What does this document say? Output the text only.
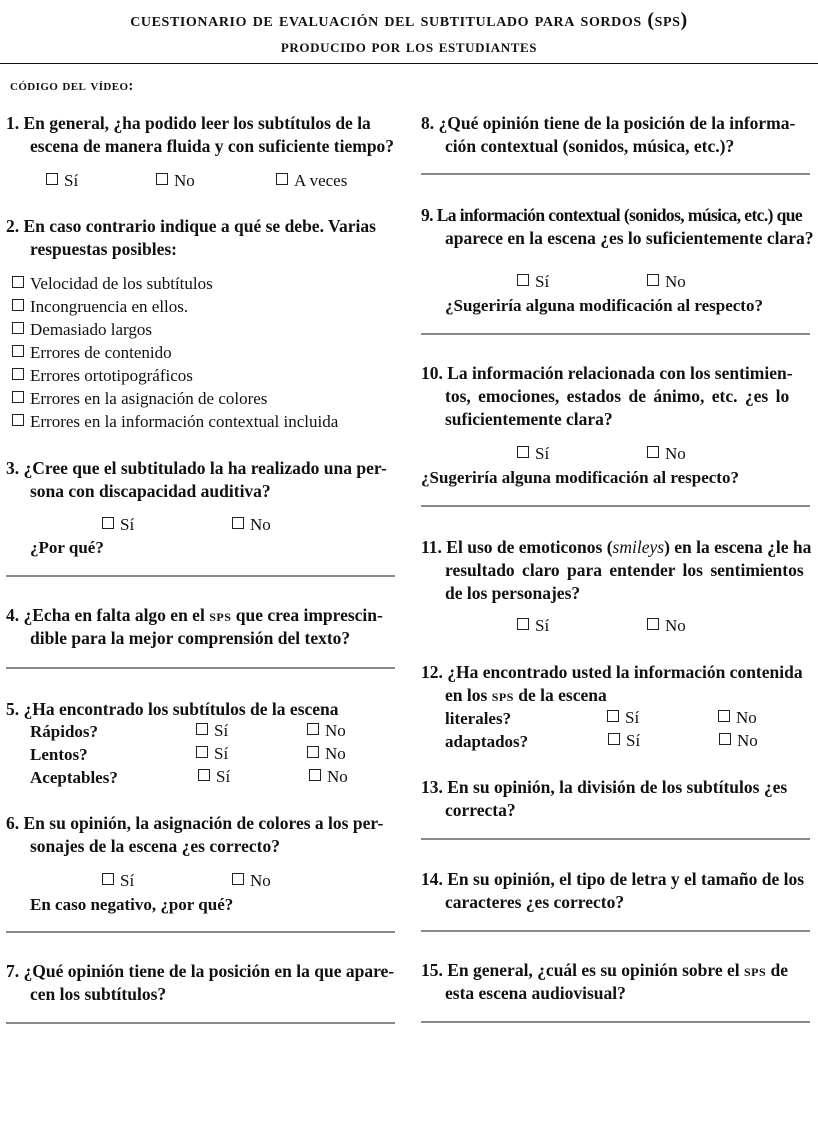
cuestionario de evaluación del subtitulado para sordos (sps)
producido por los estudiantes
código del vídeo:
1. En general, ¿ha podido leer los subtítulos de la
escena de manera fluida y con suficiente tiempo?
Sí	No	A veces
2. En caso contrario indique a qué se debe. Varias
respuestas posibles:
Velocidad de los subtítulos
Incongruencia en ellos.
Demasiado largos
Errores de contenido
Errores ortotipográficos
Errores en la asignación de colores
Errores en la información contextual incluida
3. ¿Cree que el subtitulado la ha realizado una per-
sona con discapacidad auditiva?
Sí	No
¿Por qué?
4. ¿Echa en falta algo en el sps que crea imprescin-
dible para la mejor comprensión del texto?
5. ¿Ha encontrado los subtítulos de la escena
Rápidos?	Sí	No
Lentos?	Sí	No
Aceptables?	Sí	No
6. En su opinión, la asignación de colores a los per-
sonajes de la escena ¿es correcto?
Sí	No
En caso negativo, ¿por qué?
7. ¿Qué opinión tiene de la posición en la que apare-
cen los subtítulos?
8. ¿Qué opinión tiene de la posición de la informa-
ción contextual (sonidos, música, etc.)?
9. La información contextual (sonidos, música, etc.) que
aparece en la escena ¿es lo suficientemente clara?
Sí	No
¿Sugeriría alguna modificación al respecto?
10. La información relacionada con los sentimien-
tos, emociones, estados de ánimo, etc. ¿es lo
suficientemente clara?
Sí	No
¿Sugeriría alguna modificación al respecto?
11. El uso de emoticonos (smileys) en la escena ¿le ha
resultado claro para entender los sentimientos
de los personajes?
Sí	No
12. ¿Ha encontrado usted la información contenida
en los sps de la escena
literales?	Sí	No
adaptados?	Sí	No
13. En su opinión, la división de los subtítulos ¿es
correcta?
14. En su opinión, el tipo de letra y el tamaño de los
caracteres ¿es correcto?
15. En general, ¿cuál es su opinión sobre el sps de
esta escena audiovisual?
